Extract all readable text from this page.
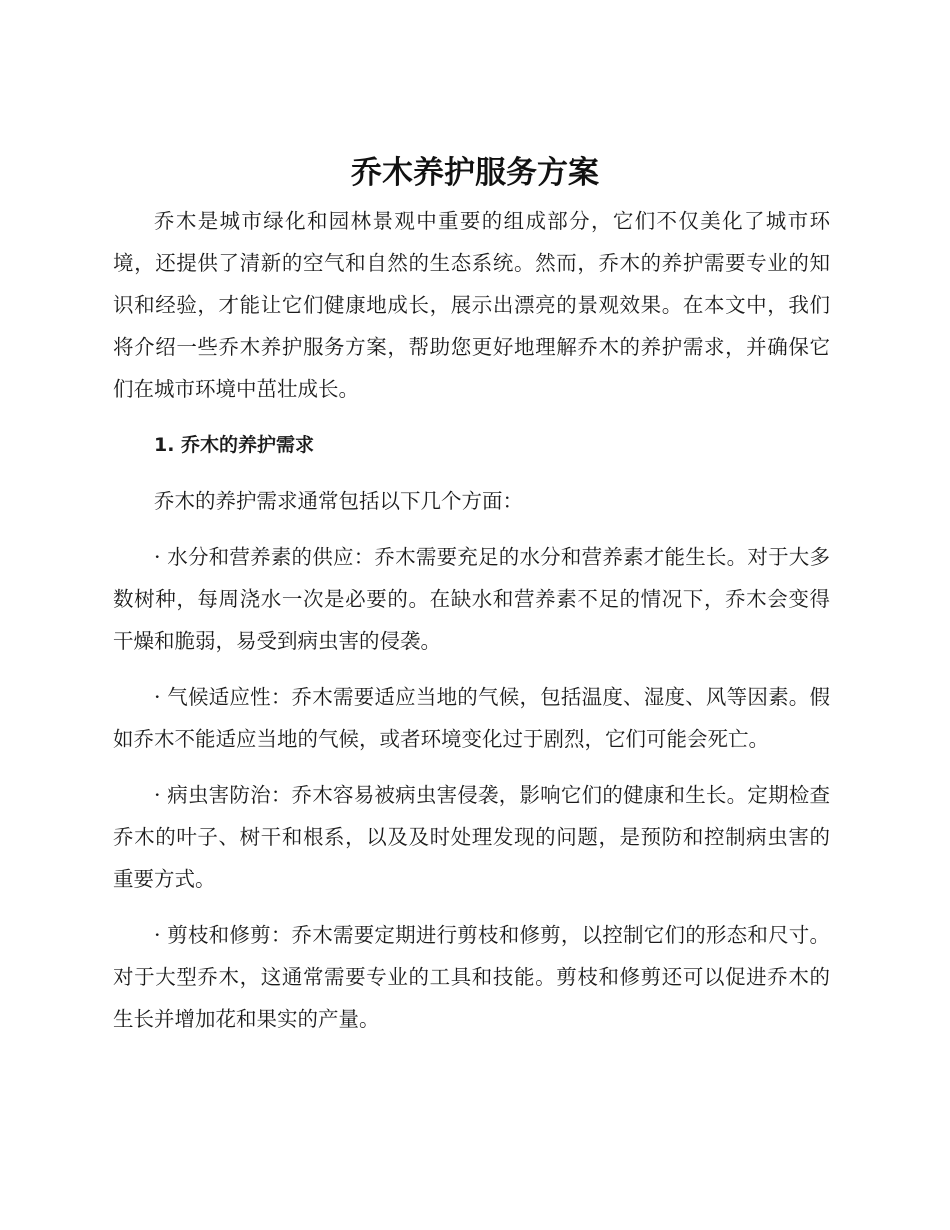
乔木养护服务方案

乔木是城市绿化和园林景观中重要的组成部分，它们不仅美化了城市环境，还提供了清新的空气和自然的生态系统。然而，乔木的养护需要专业的知识和经验，才能让它们健康地成长，展示出漂亮的景观效果。在本文中，我们将介绍一些乔木养护服务方案，帮助您更好地理解乔木的养护需求，并确保它们在城市环境中茁壮成长。

1. 乔木的养护需求

乔木的养护需求通常包括以下几个方面：

· 水分和营养素的供应：乔木需要充足的水分和营养素才能生长。对于大多数树种，每周浇水一次是必要的。在缺水和营养素不足的情况下，乔木会变得干燥和脆弱，易受到病虫害的侵袭。

· 气候适应性：乔木需要适应当地的气候，包括温度、湿度、风等因素。假如乔木不能适应当地的气候，或者环境变化过于剧烈，它们可能会死亡。

· 病虫害防治：乔木容易被病虫害侵袭，影响它们的健康和生长。定期检查乔木的叶子、树干和根系，以及及时处理发现的问题，是预防和控制病虫害的重要方式。

· 剪枝和修剪：乔木需要定期进行剪枝和修剪，以控制它们的形态和尺寸。对于大型乔木，这通常需要专业的工具和技能。剪枝和修剪还可以促进乔木的生长并增加花和果实的产量。
